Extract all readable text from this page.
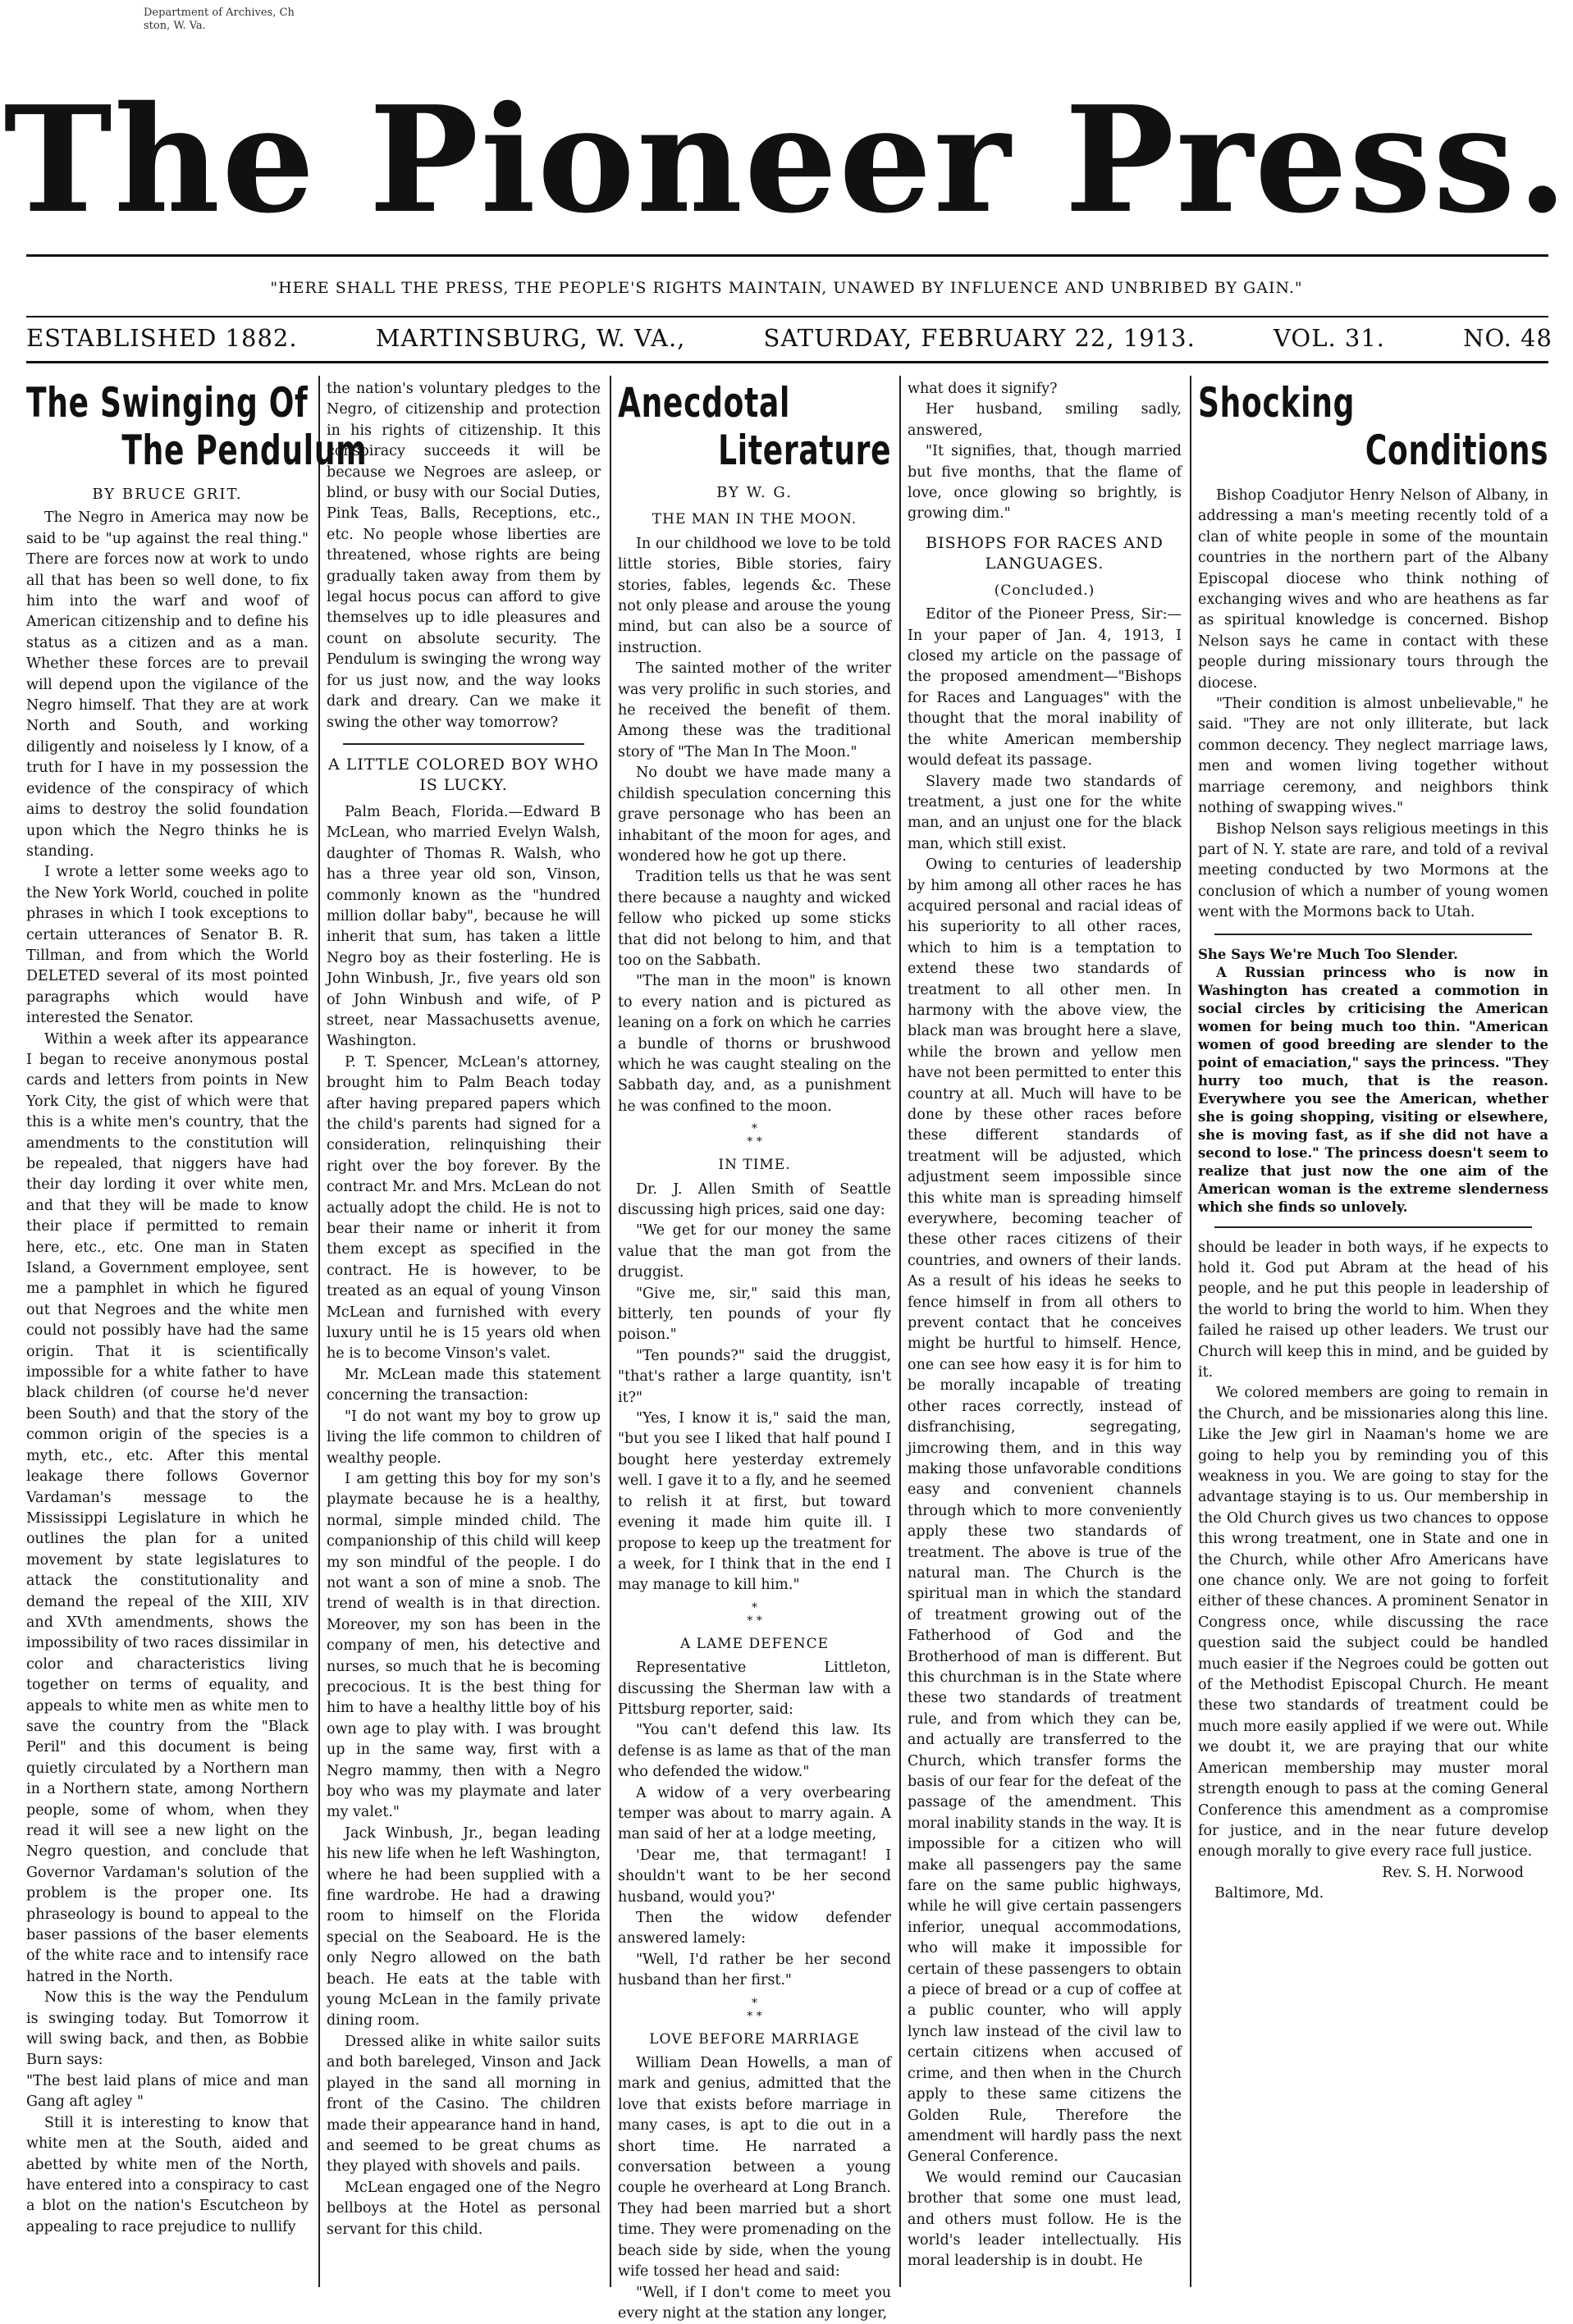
Department of Archives, Ch
ston, W. Va.
The Pioneer Press.
"HERE SHALL THE PRESS, THE PEOPLE'S RIGHTS MAINTAIN, UNAWED BY INFLUENCE AND UNBRIBED BY GAIN."
ESTABLISHED 1882.	MARTINSBURG, W. VA.,	SATURDAY, FEBRUARY 22, 1913.	VOL. 31.	NO. 48
The Swinging Of
The Pendulum
BY BRUCE GRIT.

The Negro in America may now be said to be "up against the real thing." There are forces now at work to undo all that has been so well done, to fix him into the warf and woof of American citizenship and to define his status as a citizen and as a man. Whether these forces are to prevail will depend upon the vigilance of the Negro himself. That they are at work North and South, and working diligently and noiseless ly I know, of a truth for I have in my possession the evidence of the conspiracy of which aims to destroy the solid foundation upon which the Negro thinks he is standing.

I wrote a letter some weeks ago to the New York World, couched in polite phrases in which I took exceptions to certain utterances of Senator B. R. Tillman, and from which the World DELETED several of its most pointed paragraphs which would have interested the Senator.

Within a week after its appearance I began to receive anonymous postal cards and letters from points in New York City, the gist of which were that this is a white men's country, that the amendments to the constitution will be repealed, that niggers have had their day lording it over white men, and that they will be made to know their place if permitted to remain here, etc., etc. One man in Staten Island, a Government employee, sent me a pamphlet in which he figured out that Negroes and the white men could not possibly have had the same origin. That it is scientifically impossible for a white father to have black children (of course he'd never been South) and that the story of the common origin of the species is a myth, etc., etc. After this mental leakage there follows Governor Vardaman's message to the Mississippi Legislature in which he outlines the plan for a united movement by state legislatures to attack the constitutionality and demand the repeal of the XIII, XIV and XVth amendments, shows the impossibility of two races dissimilar in color and characteristics living together on terms of equality, and appeals to white men as white men to save the country from the "Black Peril" and this document is being quietly circulated by a Northern man in a Northern state, among Northern people, some of whom, when they read it will see a new light on the Negro question, and conclude that Governor Vardaman's solution of the problem is the proper one. Its phraseology is bound to appeal to the baser passions of the baser elements of the white race and to intensify race hatred in the North.

Now this is the way the Pendulum is swinging today. But Tomorrow it will swing back, and then, as Bobbie Burn says:

"The best laid plans of mice and man Gang aft agley "

Still it is interesting to know that white men at the South, aided and abetted by white men of the North, have entered into a conspiracy to cast a blot on the nation's Escutcheon by appealing to race prejudice to nullify

the nation's voluntary pledges to the Negro, of citizenship and protection in his rights of citizenship. It this conspiracy succeeds it will be because we Negroes are asleep, or blind, or busy with our Social Duties, Pink Teas, Balls, Receptions, etc., etc. No people whose liberties are threatened, whose rights are being gradually taken away from them by legal hocus pocus can afford to give themselves up to idle pleasures and count on absolute security. The Pendulum is swinging the wrong way for us just now, and the way looks dark and dreary. Can we make it swing the other way tomorrow?

A LITTLE COLORED BOY WHO IS LUCKY.

Palm Beach, Florida.—Edward B McLean, who married Evelyn Walsh, daughter of Thomas R. Walsh, who has a three year old son, Vinson, commonly known as the "hundred million dollar baby", because he will inherit that sum, has taken a little Negro boy as their fosterling. He is John Winbush, Jr., five years old son of John Winbush and wife, of P street, near Massachusetts avenue, Washington.

P. T. Spencer, McLean's attorney, brought him to Palm Beach today after having prepared papers which the child's parents had signed for a consideration, relinquishing their right over the boy forever. By the contract Mr. and Mrs. McLean do not actually adopt the child. He is not to bear their name or inherit it from them except as specified in the contract. He is however, to be treated as an equal of young Vinson McLean and furnished with every luxury until he is 15 years old when he is to become Vinson's valet.

Mr. McLean made this statement concerning the transaction:

"I do not want my boy to grow up living the life common to children of wealthy people.

I am getting this boy for my son's playmate because he is a healthy, normal, simple minded child. The companionship of this child will keep my son mindful of the people. I do not want a son of mine a snob. The trend of wealth is in that direction. Moreover, my son has been in the company of men, his detective and nurses, so much that he is becoming precocious. It is the best thing for him to have a healthy little boy of his own age to play with. I was brought up in the same way, first with a Negro mammy, then with a Negro boy who was my playmate and later my valet."

Jack Winbush, Jr., began leading his new life when he left Washington, where he had been supplied with a fine wardrobe. He had a drawing room to himself on the Florida special on the Seaboard. He is the only Negro allowed on the bath beach. He eats at the table with young McLean in the family private dining room.

Dressed alike in white sailor suits and both bareleged, Vinson and Jack played in the sand all morning in front of the Casino. The children made their appearance hand in hand, and seemed to be great chums as they played with shovels and pails.

McLean engaged one of the Negro bellboys at the Hotel as personal servant for this child.

Anecdotal
Literature
BY W. G.
THE MAN IN THE MOON.

In our childhood we love to be told little stories, Bible stories, fairy stories, fables, legends &c. These not only please and arouse the young mind, but can also be a source of instruction.

The sainted mother of the writer was very prolific in such stories, and he received the benefit of them. Among these was the traditional story of "The Man In The Moon."

No doubt we have made many a childish speculation concerning this grave personage who has been an inhabitant of the moon for ages, and wondered how he got up there.

Tradition tells us that he was sent there because a naughty and wicked fellow who picked up some sticks that did not belong to him, and that too on the Sabbath.

"The man in the moon" is known to every nation and is pictured as leaning on a fork on which he carries a bundle of thorns or brushwood which he was caught stealing on the Sabbath day, and, as a punishment he was confined to the moon.

*
* *
IN TIME.

Dr. J. Allen Smith of Seattle discussing high prices, said one day:

"We get for our money the same value that the man got from the druggist.

"Give me, sir," said this man, bitterly, ten pounds of your fly poison."

"Ten pounds?" said the druggist, "that's rather a large quantity, isn't it?"

"Yes, I know it is," said the man, "but you see I liked that half pound I bought here yesterday extremely well. I gave it to a fly, and he seemed to relish it at first, but toward evening it made him quite ill. I propose to keep up the treatment for a week, for I think that in the end I may manage to kill him."

*
* *
A LAME DEFENCE

Representative Littleton, discussing the Sherman law with a Pittsburg reporter, said:

"You can't defend this law. Its defense is as lame as that of the man who defended the widow."

A widow of a very overbearing temper was about to marry again. A man said of her at a lodge meeting,

'Dear me, that termagant! I shouldn't want to be her second husband, would you?'

Then the widow defender answered lamely:

"Well, I'd rather be her second husband than her first."

*
* *
LOVE BEFORE MARRIAGE

William Dean Howells, a man of mark and genius, admitted that the love that exists before marriage in many cases, is apt to die out in a short time. He narrated a conversation between a young couple he overheard at Long Branch. They had been married but a short time. They were promenading on the beach side by side, when the young wife tossed her head and said:

"Well, if I don't come to meet you every night at the station any longer,

what does it signify?

Her husband, smiling sadly, answered,

"It signifies, that, though married but five months, that the flame of love, once glowing so brightly, is growing dim."

BISHOPS FOR RACES AND LANGUAGES.
(Concluded.)

Editor of the Pioneer Press, Sir:— In your paper of Jan. 4, 1913, I closed my article on the passage of the proposed amendment—"Bishops for Races and Languages" with the thought that the moral inability of the white American membership would defeat its passage.

Slavery made two standards of treatment, a just one for the white man, and an unjust one for the black man, which still exist.

Owing to centuries of leadership by him among all other races he has acquired personal and racial ideas of his superiority to all other races, which to him is a temptation to extend these two standards of treatment to all other men. In harmony with the above view, the black man was brought here a slave, while the brown and yellow men have not been permitted to enter this country at all. Much will have to be done by these other races before these different standards of treatment will be adjusted, which adjustment seem impossible since this white man is spreading himself everywhere, becoming teacher of these other races citizens of their countries, and owners of their lands. As a result of his ideas he seeks to fence himself in from all others to prevent contact that he conceives might be hurtful to himself. Hence, one can see how easy it is for him to be morally incapable of treating other races correctly, instead of disfranchising, segregating, jimcrowing them, and in this way making those unfavorable conditions easy and convenient channels through which to more conveniently apply these two standards of treatment. The above is true of the natural man. The Church is the spiritual man in which the standard of treatment growing out of the Fatherhood of God and the Brotherhood of man is different. But this churchman is in the State where these two standards of treatment rule, and from which they can be, and actually are transferred to the Church, which transfer forms the basis of our fear for the defeat of the passage of the amendment. This moral inability stands in the way. It is impossible for a citizen who will make all passengers pay the same fare on the same public highways, while he will give certain passengers inferior, unequal accommodations, who will make it impossible for certain of these passengers to obtain a piece of bread or a cup of coffee at a public counter, who will apply lynch law instead of the civil law to certain citizens when accused of crime, and then when in the Church apply to these same citizens the Golden Rule, Therefore the amendment will hardly pass the next General Conference.

We would remind our Caucasian brother that some one must lead, and others must follow. He is the world's leader intellectually. His moral leadership is in doubt. He

Shocking
Conditions

Bishop Coadjutor Henry Nelson of Albany, in addressing a man's meeting recently told of a clan of white people in some of the mountain countries in the northern part of the Albany Episcopal diocese who think nothing of exchanging wives and who are heathens as far as spiritual knowledge is concerned. Bishop Nelson says he came in contact with these people during missionary tours through the diocese.

"Their condition is almost unbelievable," he said. "They are not only illiterate, but lack common decency. They neglect marriage laws, men and women living together without marriage ceremony, and neighbors think nothing of swapping wives."

Bishop Nelson says religious meetings in this part of N. Y. state are rare, and told of a revival meeting conducted by two Mormons at the conclusion of which a number of young women went with the Mormons back to Utah.

She Says We're Much Too Slender.
A Russian princess who is now in Washington has created a commotion in social circles by criticising the American women for being much too thin. "American women of good breeding are slender to the point of emaciation," says the princess. "They hurry too much, that is the reason. Everywhere you see the American, whether she is going shopping, visiting or elsewhere, she is moving fast, as if she did not have a second to lose." The princess doesn't seem to realize that just now the one aim of the American woman is the extreme slenderness which she finds so unlovely.

should be leader in both ways, if he expects to hold it. God put Abram at the head of his people, and he put this people in leadership of the world to bring the world to him. When they failed he raised up other leaders. We trust our Church will keep this in mind, and be guided by it.

We colored members are going to remain in the Church, and be missionaries along this line. Like the Jew girl in Naaman's home we are going to help you by reminding you of this weakness in you. We are going to stay for the advantage staying is to us. Our membership in the Old Church gives us two chances to oppose this wrong treatment, one in State and one in the Church, while other Afro Americans have one chance only. We are not going to forfeit either of these chances. A prominent Senator in Congress once, while discussing the race question said the subject could be handled much easier if the Negroes could be gotten out of the Methodist Episcopal Church. He meant these two standards of treatment could be much more easily applied if we were out. While we doubt it, we are praying that our white American membership may muster moral strength enough to pass at the coming General Conference this amendment as a compromise for justice, and in the near future develop enough morally to give every race full justice.

Rev. S. H. Norwood
Baltimore, Md.
